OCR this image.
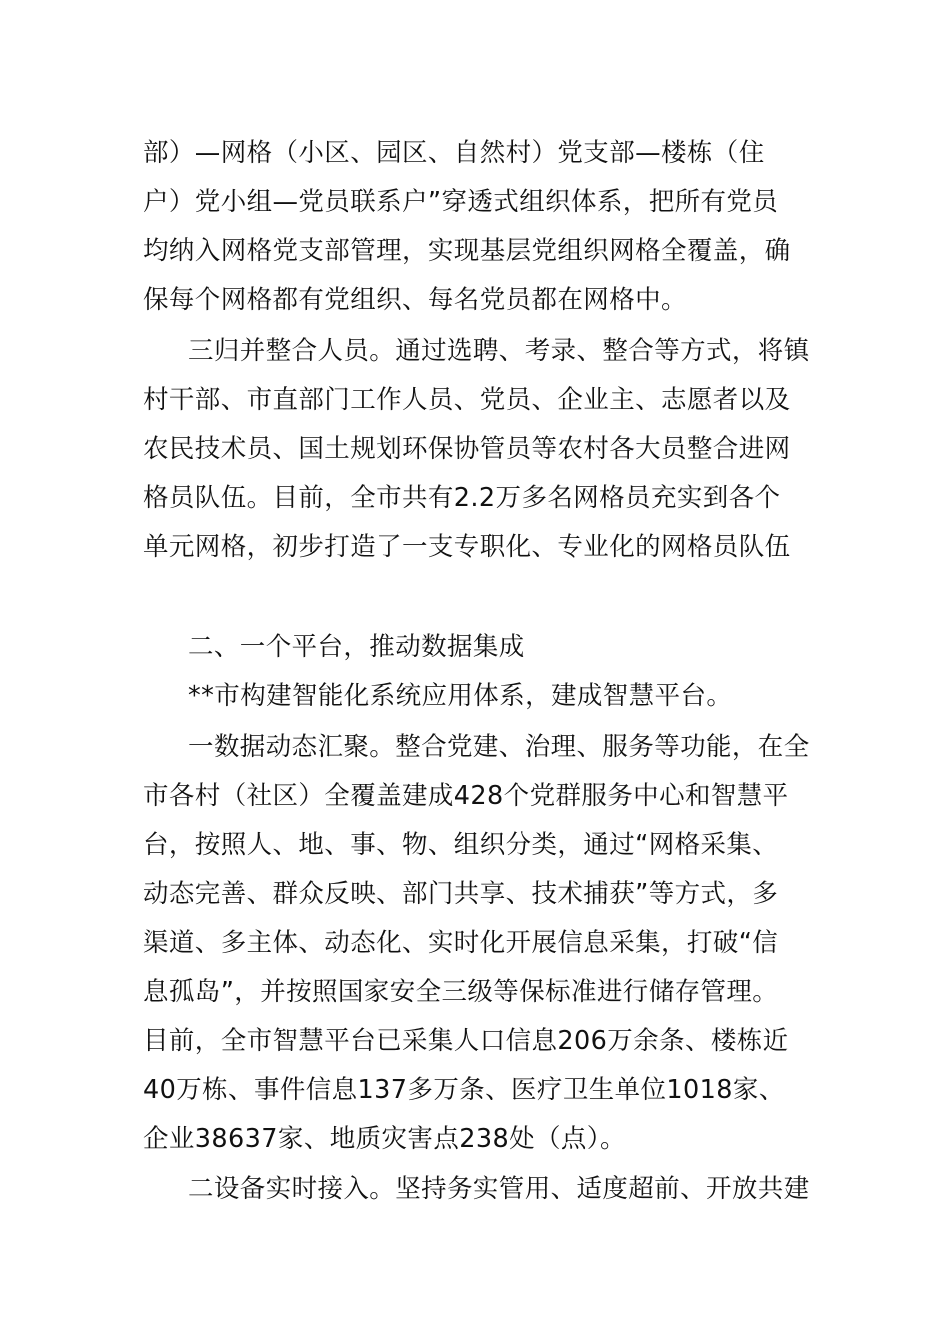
部）—网格（小区、园区、自然村）党支部—楼栋（住
户）党小组—党员联系户”穿透式组织体系，把所有党员
均纳入网格党支部管理，实现基层党组织网格全覆盖，确
保每个网格都有党组织、每名党员都在网格中。
三归并整合人员。通过选聘、考录、整合等方式，将镇
村干部、市直部门工作人员、党员、企业主、志愿者以及
农民技术员、国土规划环保协管员等农村各大员整合进网
格员队伍。目前，全市共有2.2万多名网格员充实到各个
单元网格，初步打造了一支专职化、专业化的网格员队伍
二、一个平台，推动数据集成
**市构建智能化系统应用体系，建成智慧平台。
一数据动态汇聚。整合党建、治理、服务等功能，在全
市各村（社区）全覆盖建成428个党群服务中心和智慧平
台，按照人、地、事、物、组织分类，通过“网格采集、
动态完善、群众反映、部门共享、技术捕获”等方式，多
渠道、多主体、动态化、实时化开展信息采集，打破“信
息孤岛”，并按照国家安全三级等保标准进行储存管理。
目前，全市智慧平台已采集人口信息206万余条、楼栋近
40万栋、事件信息137多万条、医疗卫生单位1018家、
企业38637家、地质灾害点238处（点）。
二设备实时接入。坚持务实管用、适度超前、开放共建
